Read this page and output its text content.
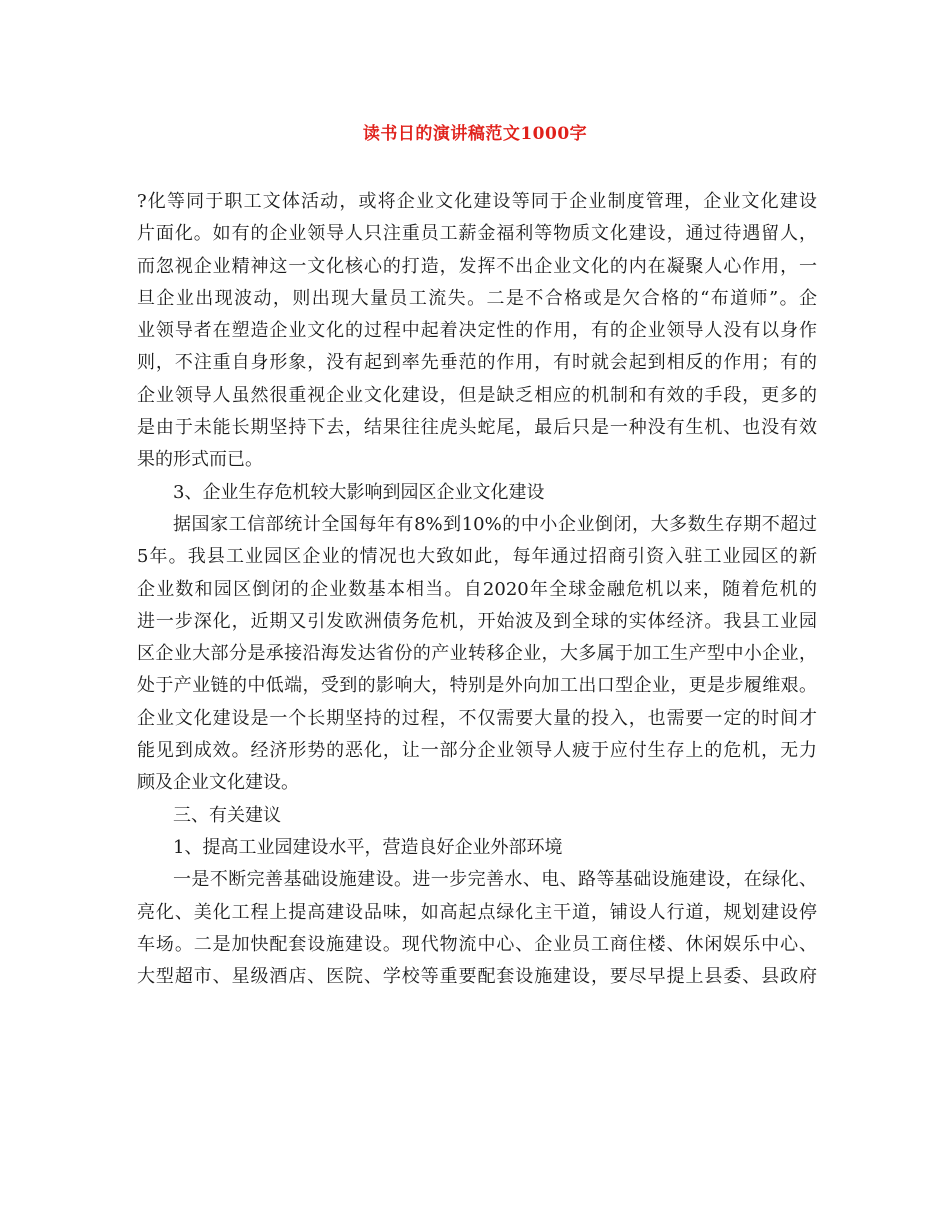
读书日的演讲稿范文1000字
?化等同于职工文体活动，或将企业文化建设等同于企业制度管理，企业文化建设
片面化。如有的企业领导人只注重员工薪金福利等物质文化建设，通过待遇留人，
而忽视企业精神这一文化核心的打造，发挥不出企业文化的内在凝聚人心作用，一
旦企业出现波动，则出现大量员工流失。二是不合格或是欠合格的“布道师”。企
业领导者在塑造企业文化的过程中起着决定性的作用，有的企业领导人没有以身作
则，不注重自身形象，没有起到率先垂范的作用，有时就会起到相反的作用；有的
企业领导人虽然很重视企业文化建设，但是缺乏相应的机制和有效的手段，更多的
是由于未能长期坚持下去，结果往往虎头蛇尾，最后只是一种没有生机、也没有效
果的形式而已。
3、企业生存危机较大影响到园区企业文化建设
据国家工信部统计全国每年有8%到10%的中小企业倒闭，大多数生存期不超过
5年。我县工业园区企业的情况也大致如此，每年通过招商引资入驻工业园区的新
企业数和园区倒闭的企业数基本相当。自2020年全球金融危机以来，随着危机的
进一步深化，近期又引发欧洲债务危机，开始波及到全球的实体经济。我县工业园
区企业大部分是承接沿海发达省份的产业转移企业，大多属于加工生产型中小企业，
处于产业链的中低端，受到的影响大，特别是外向加工出口型企业，更是步履维艰。
企业文化建设是一个长期坚持的过程，不仅需要大量的投入，也需要一定的时间才
能见到成效。经济形势的恶化，让一部分企业领导人疲于应付生存上的危机，无力
顾及企业文化建设。
三、有关建议
1、提高工业园建设水平，营造良好企业外部环境
一是不断完善基础设施建设。进一步完善水、电、路等基础设施建设，在绿化、
亮化、美化工程上提高建设品味，如高起点绿化主干道，铺设人行道，规划建设停
车场。二是加快配套设施建设。现代物流中心、企业员工商住楼、休闲娱乐中心、
大型超市、星级酒店、医院、学校等重要配套设施建设，要尽早提上县委、县政府
